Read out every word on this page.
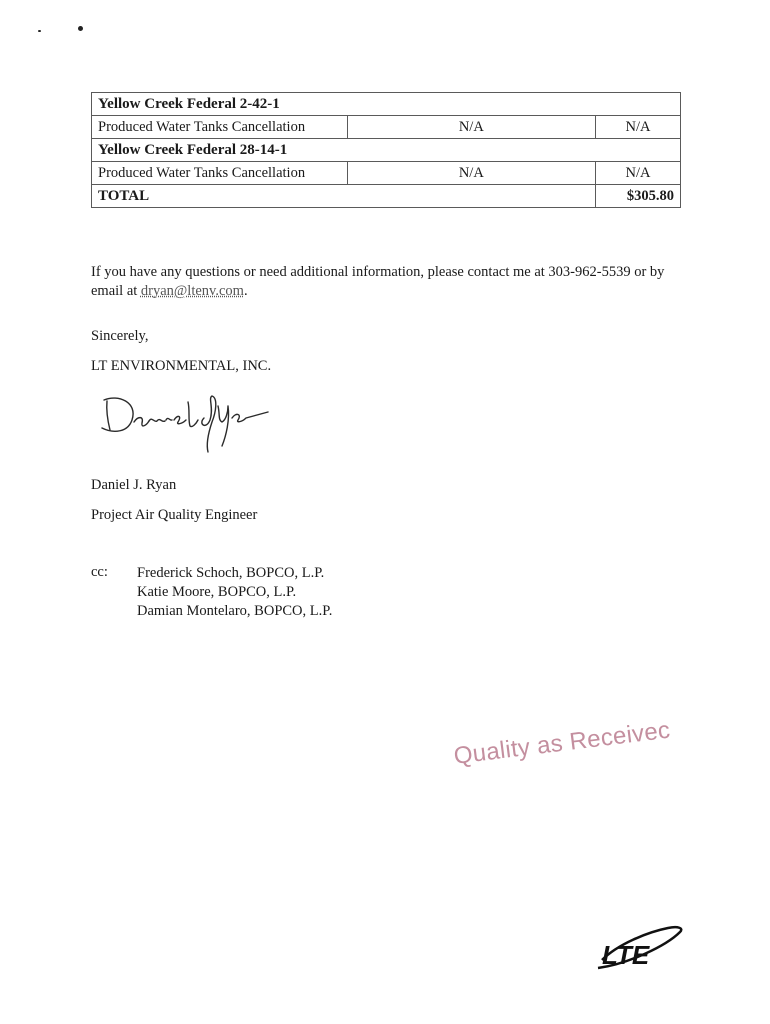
Yellow Creek Federal 2-42-1		
Produced Water Tanks Cancellation	N/A	N/A
Yellow Creek Federal 28-14-1		
Produced Water Tanks Cancellation	N/A	N/A
TOTAL		$305.80

If you have any questions or need additional information, please contact me at 303-962-5539 or by email at dryan@ltenv.com.

Sincerely,

LT ENVIRONMENTAL, INC.

Daniel J. Ryan

Project Air Quality Engineer

cc: Frederick Schoch, BOPCO, L.P.
Katie Moore, BOPCO, L.P.
Damian Montelaro, BOPCO, L.P.
Quality as Receivec
LTE
